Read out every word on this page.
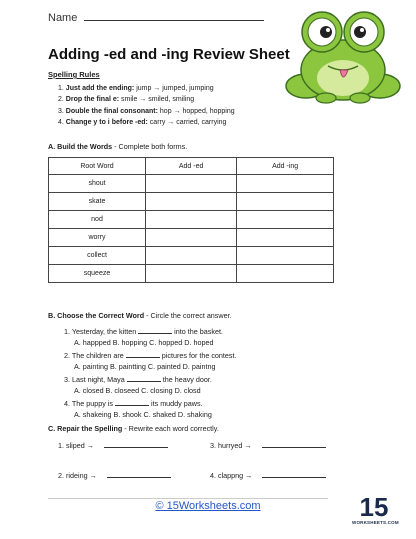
Name
Adding -ed and -ing Review Sheet
Spelling Rules
1. Just add the ending: jump → jumped, jumping
2. Drop the final e: smile → smiled, smiling
3. Double the final consonant: hop → hopped, hopping
4. Change y to i before -ed: carry → carried, carrying
A. Build the Words - Complete both forms.
Root Word	Add -ed	Add -ing
shout		
skate		
nod		
worry		
collect		
squeeze		
B. Choose the Correct Word - Circle the correct answer.
1. Yesterday, the kitten	into the basket.
A. happped B. hopping C. hopped D. hoped
2. The children are	pictures for the contest.
A. painting B. paintting C. painted D. paintng
3. Last night, Maya	the heavy door.
A. closed B. closeed C. closing D. closd
4. The puppy is	its muddy paws.
A. shakeing B. shook C. shaked D. shaking
C. Repair the Spelling - Rewrite each word correctly.
1. sliped →	3. hurryed →
2. rideing →	4. clappng →
© 15Worksheets.com	15
WORKSHEETS.COM
